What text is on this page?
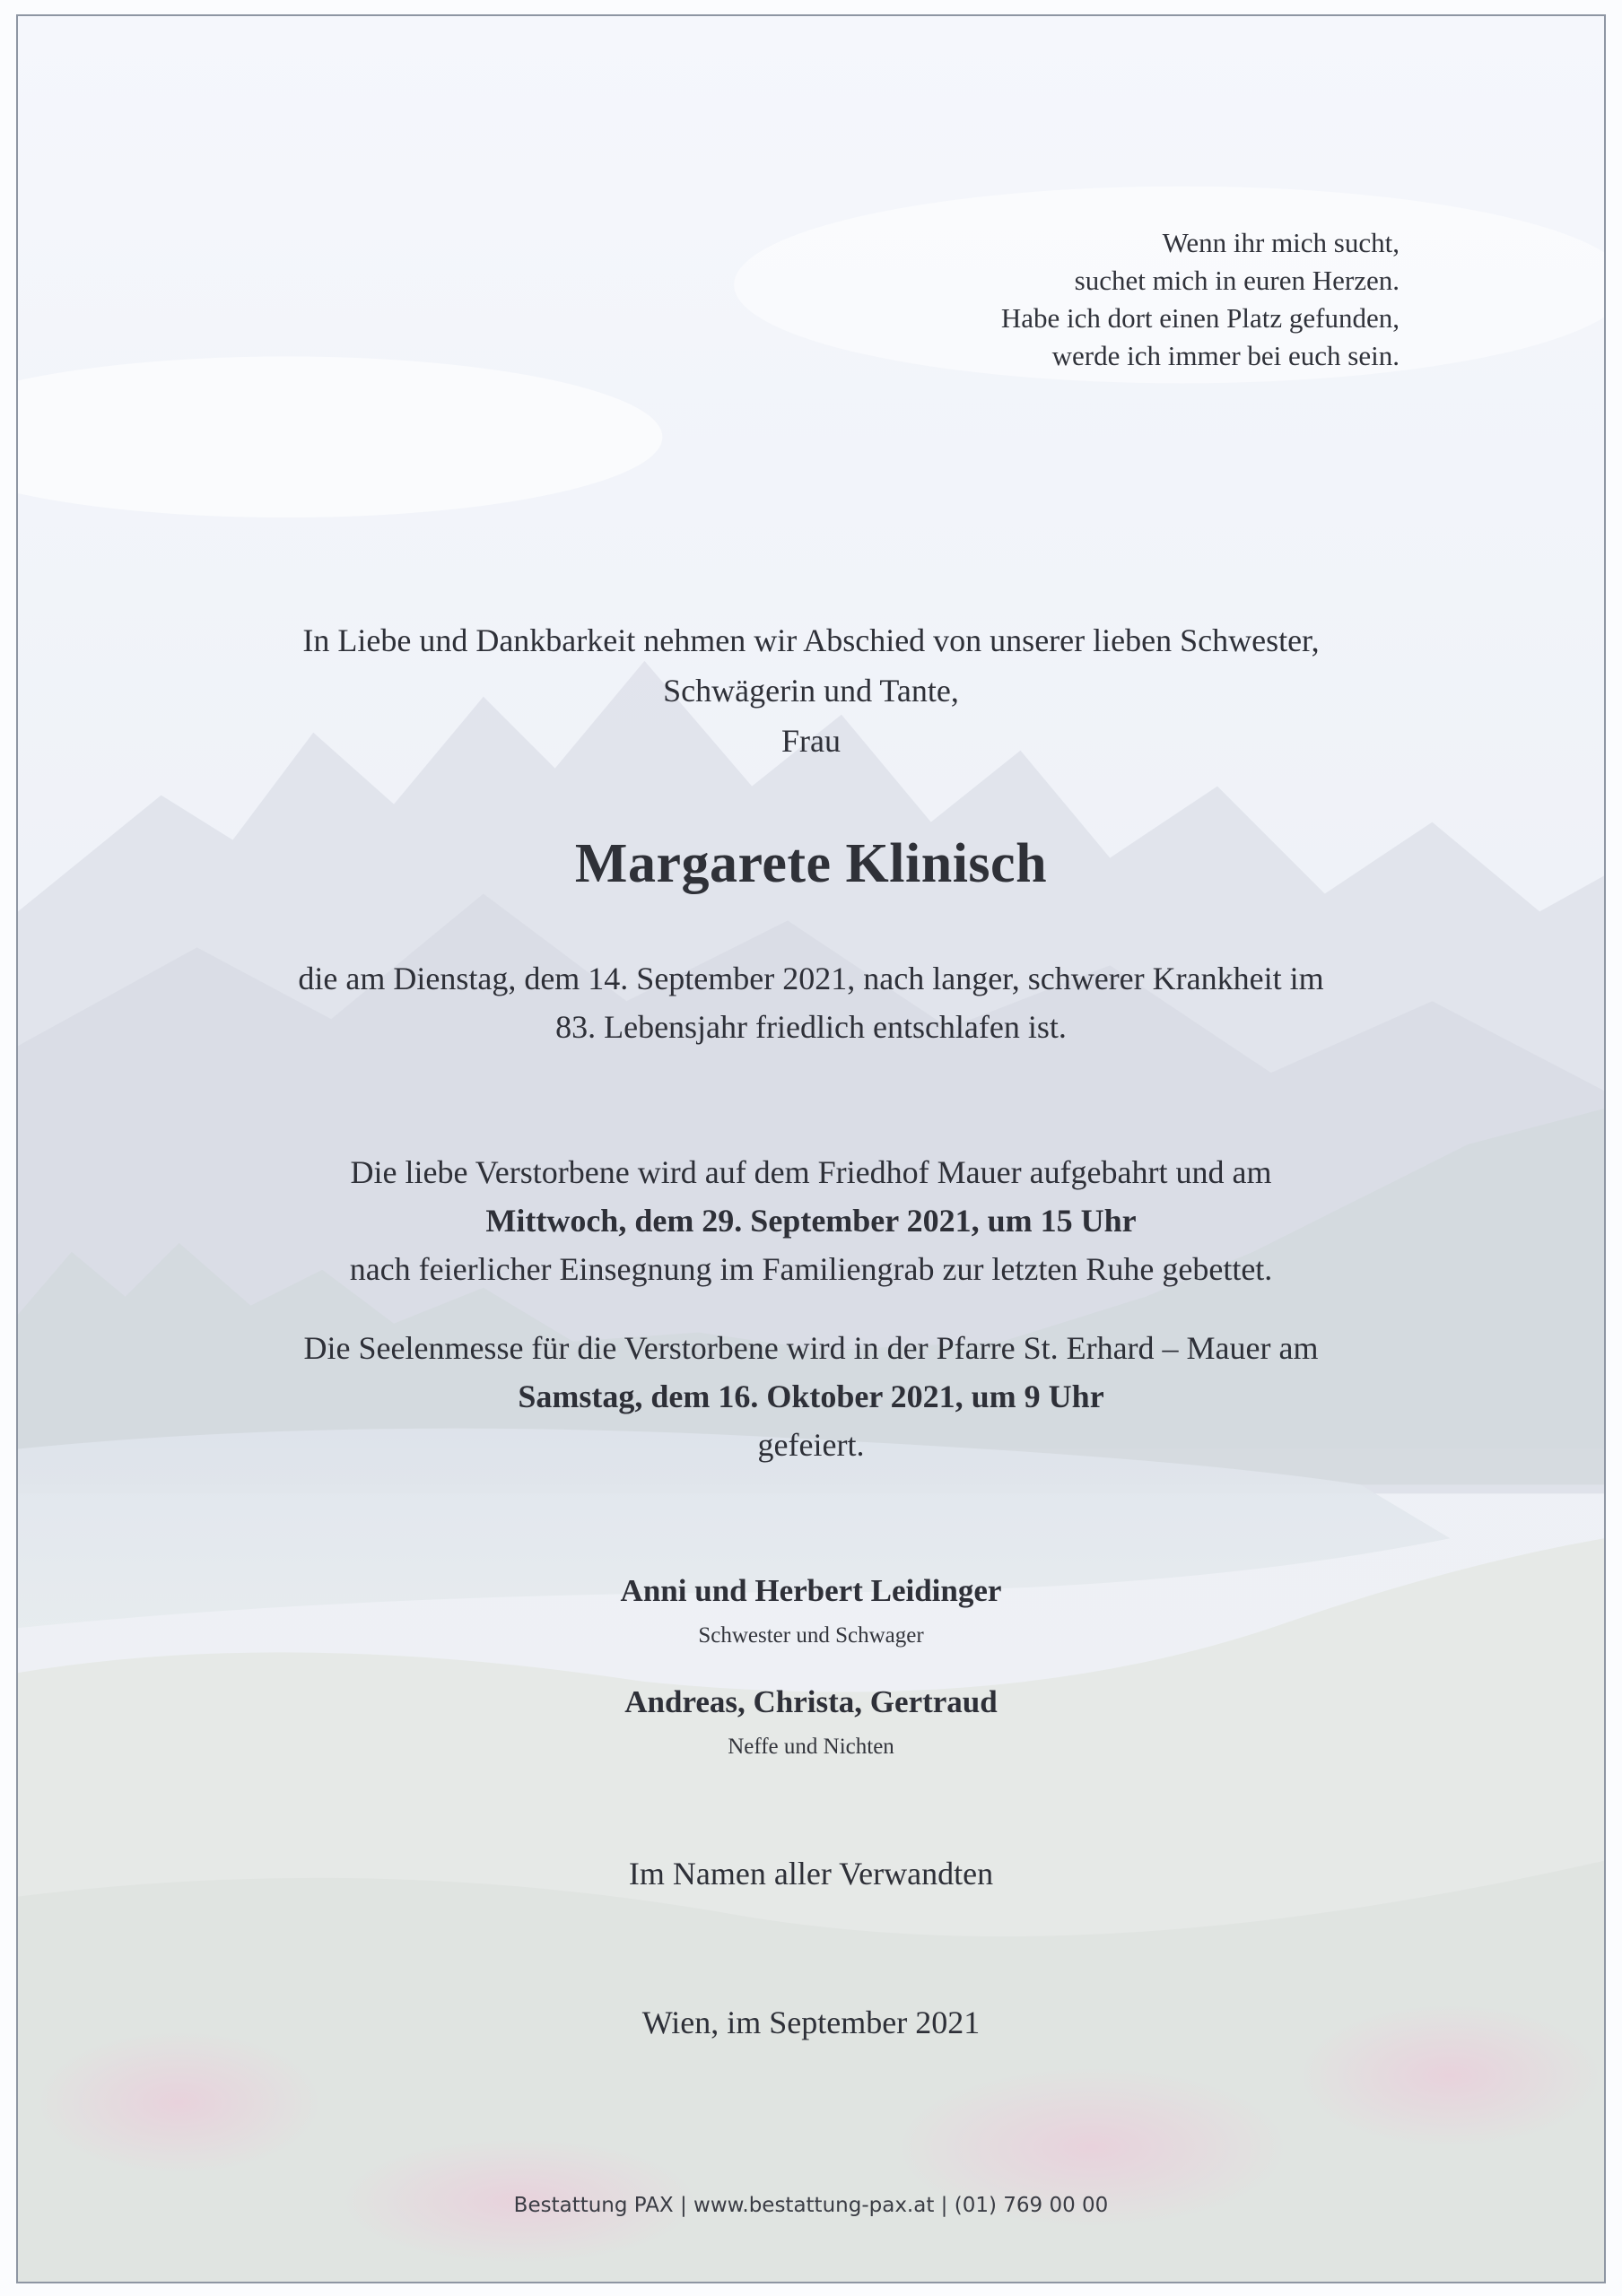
Wenn ihr mich sucht,
suchet mich in euren Herzen.
Habe ich dort einen Platz gefunden,
werde ich immer bei euch sein.
In Liebe und Dankbarkeit nehmen wir Abschied von unserer lieben Schwester,
Schwägerin und Tante,
Frau
Margarete Klinisch
die am Dienstag, dem 14. September 2021, nach langer, schwerer Krankheit im
83. Lebensjahr friedlich entschlafen ist.
Die liebe Verstorbene wird auf dem Friedhof Mauer aufgebahrt und am
Mittwoch, dem 29. September 2021, um 15 Uhr
nach feierlicher Einsegnung im Familiengrab zur letzten Ruhe gebettet.
Die Seelenmesse für die Verstorbene wird in der Pfarre St. Erhard – Mauer am
Samstag, dem 16. Oktober 2021, um 9 Uhr
gefeiert.
Anni und Herbert Leidinger
Schwester und Schwager
Andreas, Christa, Gertraud
Neffe und Nichten
Im Namen aller Verwandten
Wien, im September 2021
Bestattung PAX | www.bestattung-pax.at | (01) 769 00 00
